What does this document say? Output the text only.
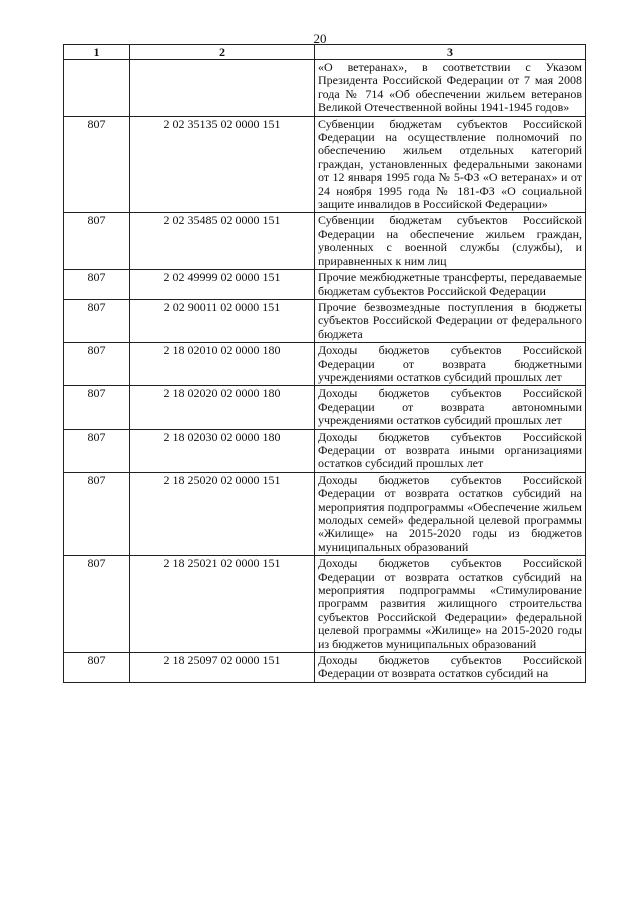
20
1	2	3
		«О ветеранах», в соответствии с Указом Президента Российской Федерации от 7 мая 2008 года № 714 «Об обеспечении жильем ветеранов Великой Отечественной войны 1941-1945 годов»
807	2 02 35135 02 0000 151	Субвенции бюджетам субъектов Российской Федерации на осуществление полномочий по обеспечению жильем отдельных категорий граждан, установленных федеральными законами от 12 января 1995 года № 5-ФЗ «О ветеранах» и от 24 ноября 1995 года № 181-ФЗ «О социальной защите инвалидов в Российской Федерации»
807	2 02 35485 02 0000 151	Субвенции бюджетам субъектов Российской Федерации на обеспечение жильем граждан, уволенных с военной службы (службы), и приравненных к ним лиц
807	2 02 49999 02 0000 151	Прочие межбюджетные трансферты, передаваемые бюджетам субъектов Российской Федерации
807	2 02 90011 02 0000 151	Прочие безвозмездные поступления в бюджеты субъектов Российской Федерации от федерального бюджета
807	2 18 02010 02 0000 180	Доходы бюджетов субъектов Российской Федерации от возврата бюджетными учреждениями остатков субсидий прошлых лет
807	2 18 02020 02 0000 180	Доходы бюджетов субъектов Российской Федерации от возврата автономными учреждениями остатков субсидий прошлых лет
807	2 18 02030 02 0000 180	Доходы бюджетов субъектов Российской Федерации от возврата иными организациями остатков субсидий прошлых лет
807	2 18 25020 02 0000 151	Доходы бюджетов субъектов Российской Федерации от возврата остатков субсидий на мероприятия подпрограммы «Обеспечение жильем молодых семей» федеральной целевой программы «Жилище» на 2015-2020 годы из бюджетов муниципальных образований
807	2 18 25021 02 0000 151	Доходы бюджетов субъектов Российской Федерации от возврата остатков субсидий на мероприятия подпрограммы «Стимулирование программ развития жилищного строительства субъектов Российской Федерации» федеральной целевой программы «Жилище» на 2015-2020 годы из бюджетов муниципальных образований
807	2 18 25097 02 0000 151	Доходы бюджетов субъектов Российской Федерации от возврата остатков субсидий на
